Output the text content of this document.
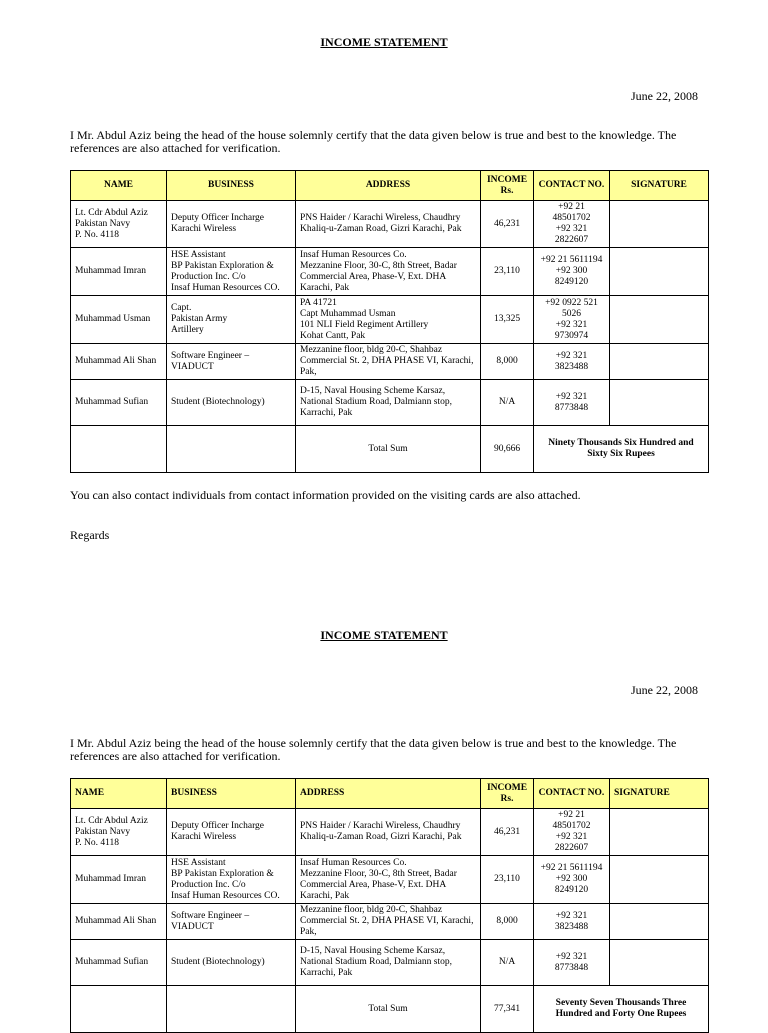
INCOME STATEMENT
June 22, 2008
I Mr. Abdul Aziz being the head of the house solemnly certify that the data given below is true and best to the knowledge. The references are also attached for verification.
NAME	BUSINESS	ADDRESS	INCOME Rs.	CONTACT NO.	SIGNATURE
Lt. Cdr Abdul Aziz
Pakistan Navy
P. No. 4118	Deputy Officer Incharge
Karachi Wireless	PNS Haider / Karachi Wireless, Chaudhry Khaliq-u-Zaman Road, Gizri Karachi, Pak	46,231	+92 21 48501702
+92 321 2822607	
Muhammad Imran	HSE Assistant
BP Pakistan Exploration & Production Inc. C/o
Insaf Human Resources CO.	Insaf Human Resources Co.
Mezzanine Floor, 30-C, 8th Street, Badar Commercial Area, Phase-V, Ext. DHA Karachi, Pak	23,110	+92 21 5611194
+92 300 8249120	
Muhammad Usman	Capt.
Pakistan Army
Artillery	PA 41721
Capt Muhammad Usman
101 NLI Field Regiment Artillery
Kohat Cantt, Pak	13,325	+92 0922 521 5026
+92 321 9730974	
Muhammad Ali Shan	Software Engineer –
VIADUCT	Mezzanine floor, bldg 20-C, Shahbaz Commercial St. 2, DHA PHASE VI, Karachi, Pak,	8,000	+92 321 3823488	
Muhammad Sufian	Student (Biotechnology)	D-15, Naval Housing Scheme Karsaz, National Stadium Road, Dalmiann stop, Karrachi, Pak	N/A	+92 321 8773848	
		Total Sum	90,666	Ninety Thousands Six Hundred and Sixty Six Rupees	
You can also contact individuals from contact information provided on the visiting cards are also attached.
Regards
INCOME STATEMENT
June 22, 2008
I Mr. Abdul Aziz being the head of the house solemnly certify that the data given below is true and best to the knowledge. The references are also attached for verification.
NAME	BUSINESS	ADDRESS	INCOME Rs.	CONTACT NO.	SIGNATURE
Lt. Cdr Abdul Aziz
Pakistan Navy
P. No. 4118	Deputy Officer Incharge
Karachi Wireless	PNS Haider / Karachi Wireless, Chaudhry Khaliq-u-Zaman Road, Gizri Karachi, Pak	46,231	+92 21 48501702
+92 321 2822607	
Muhammad Imran	HSE Assistant
BP Pakistan Exploration & Production Inc. C/o
Insaf Human Resources CO.	Insaf Human Resources Co.
Mezzanine Floor, 30-C, 8th Street, Badar Commercial Area, Phase-V, Ext. DHA Karachi, Pak	23,110	+92 21 5611194
+92 300 8249120	
Muhammad Ali Shan	Software Engineer –
VIADUCT	Mezzanine floor, bldg 20-C, Shahbaz Commercial St. 2, DHA PHASE VI, Karachi, Pak,	8,000	+92 321 3823488	
Muhammad Sufian	Student (Biotechnology)	D-15, Naval Housing Scheme Karsaz, National Stadium Road, Dalmiann stop, Karrachi, Pak	N/A	+92 321 8773848	
		Total Sum	77,341	Seventy Seven Thousands Three Hundred and Forty One Rupees	
